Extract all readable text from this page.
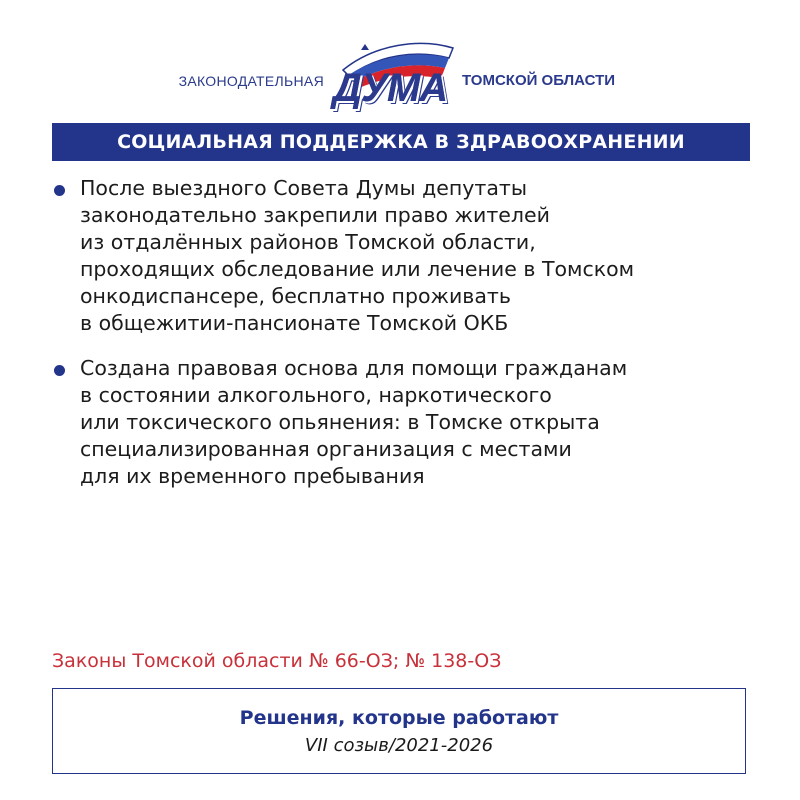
ЗАКОНОДАТЕЛЬНАЯ ДУМА ТОМСКОЙ ОБЛАСТИ
СОЦИАЛЬНАЯ ПОДДЕРЖКА В ЗДРАВООХРАНЕНИИ
После выездного Совета Думы депутаты
законодательно закрепили право жителей
из отдалённых районов Томской области,
проходящих обследование или лечение в Томском
онкодиспансере, бесплатно проживать
в общежитии-пансионате Томской ОКБ
Создана правовая основа для помощи гражданам
в состоянии алкогольного, наркотического
или токсического опьянения: в Томске открыта
специализированная организация с местами
для их временного пребывания
Законы Томской области № 66-ОЗ; № 138-ОЗ
Решения, которые работают
VII созыв/2021-2026
